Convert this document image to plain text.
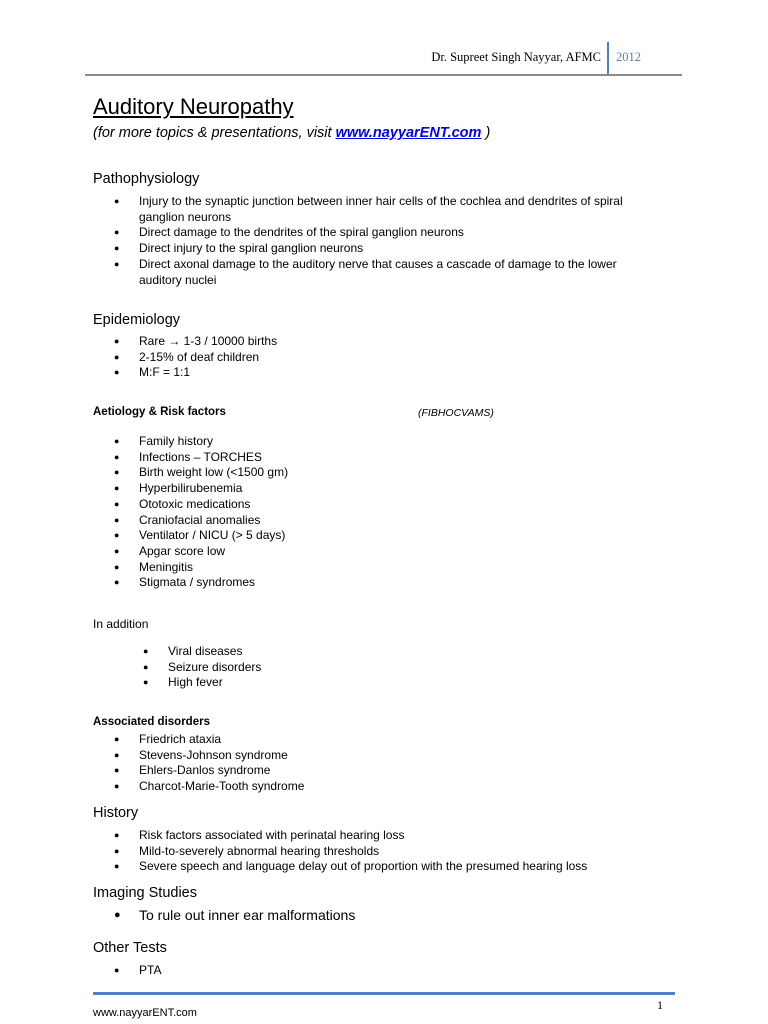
Dr. Supreet Singh Nayyar, AFMC 2012
Auditory Neuropathy
(for more topics & presentations, visit www.nayyarENT.com )
Pathophysiology
● Injury to the synaptic junction between inner hair cells of the cochlea and dendrites of spiral
ganglion neurons
● Direct damage to the dendrites of the spiral ganglion neurons
● Direct injury to the spiral ganglion neurons
● Direct axonal damage to the auditory nerve that causes a cascade of damage to the lower
auditory nuclei
Epidemiology
● Rare → 1-3 / 10000 births
● 2-15% of deaf children
● M:F = 1:1
Aetiology & Risk factors	(FIBHOCVAMS)
● Family history
● Infections – TORCHES
● Birth weight low (<1500 gm)
● Hyperbilirubenemia
● Ototoxic medications
● Craniofacial anomalies
● Ventilator / NICU (> 5 days)
● Apgar score low
● Meningitis
● Stigmata / syndromes
In addition
● Viral diseases
● Seizure disorders
● High fever
Associated disorders
● Friedrich ataxia
● Stevens-Johnson syndrome
● Ehlers-Danlos syndrome
● Charcot-Marie-Tooth syndrome
History
● Risk factors associated with perinatal hearing loss
● Mild-to-severely abnormal hearing thresholds
● Severe speech and language delay out of proportion with the presumed hearing loss
Imaging Studies
● To rule out inner ear malformations
Other Tests
● PTA
1
www.nayyarENT.com
